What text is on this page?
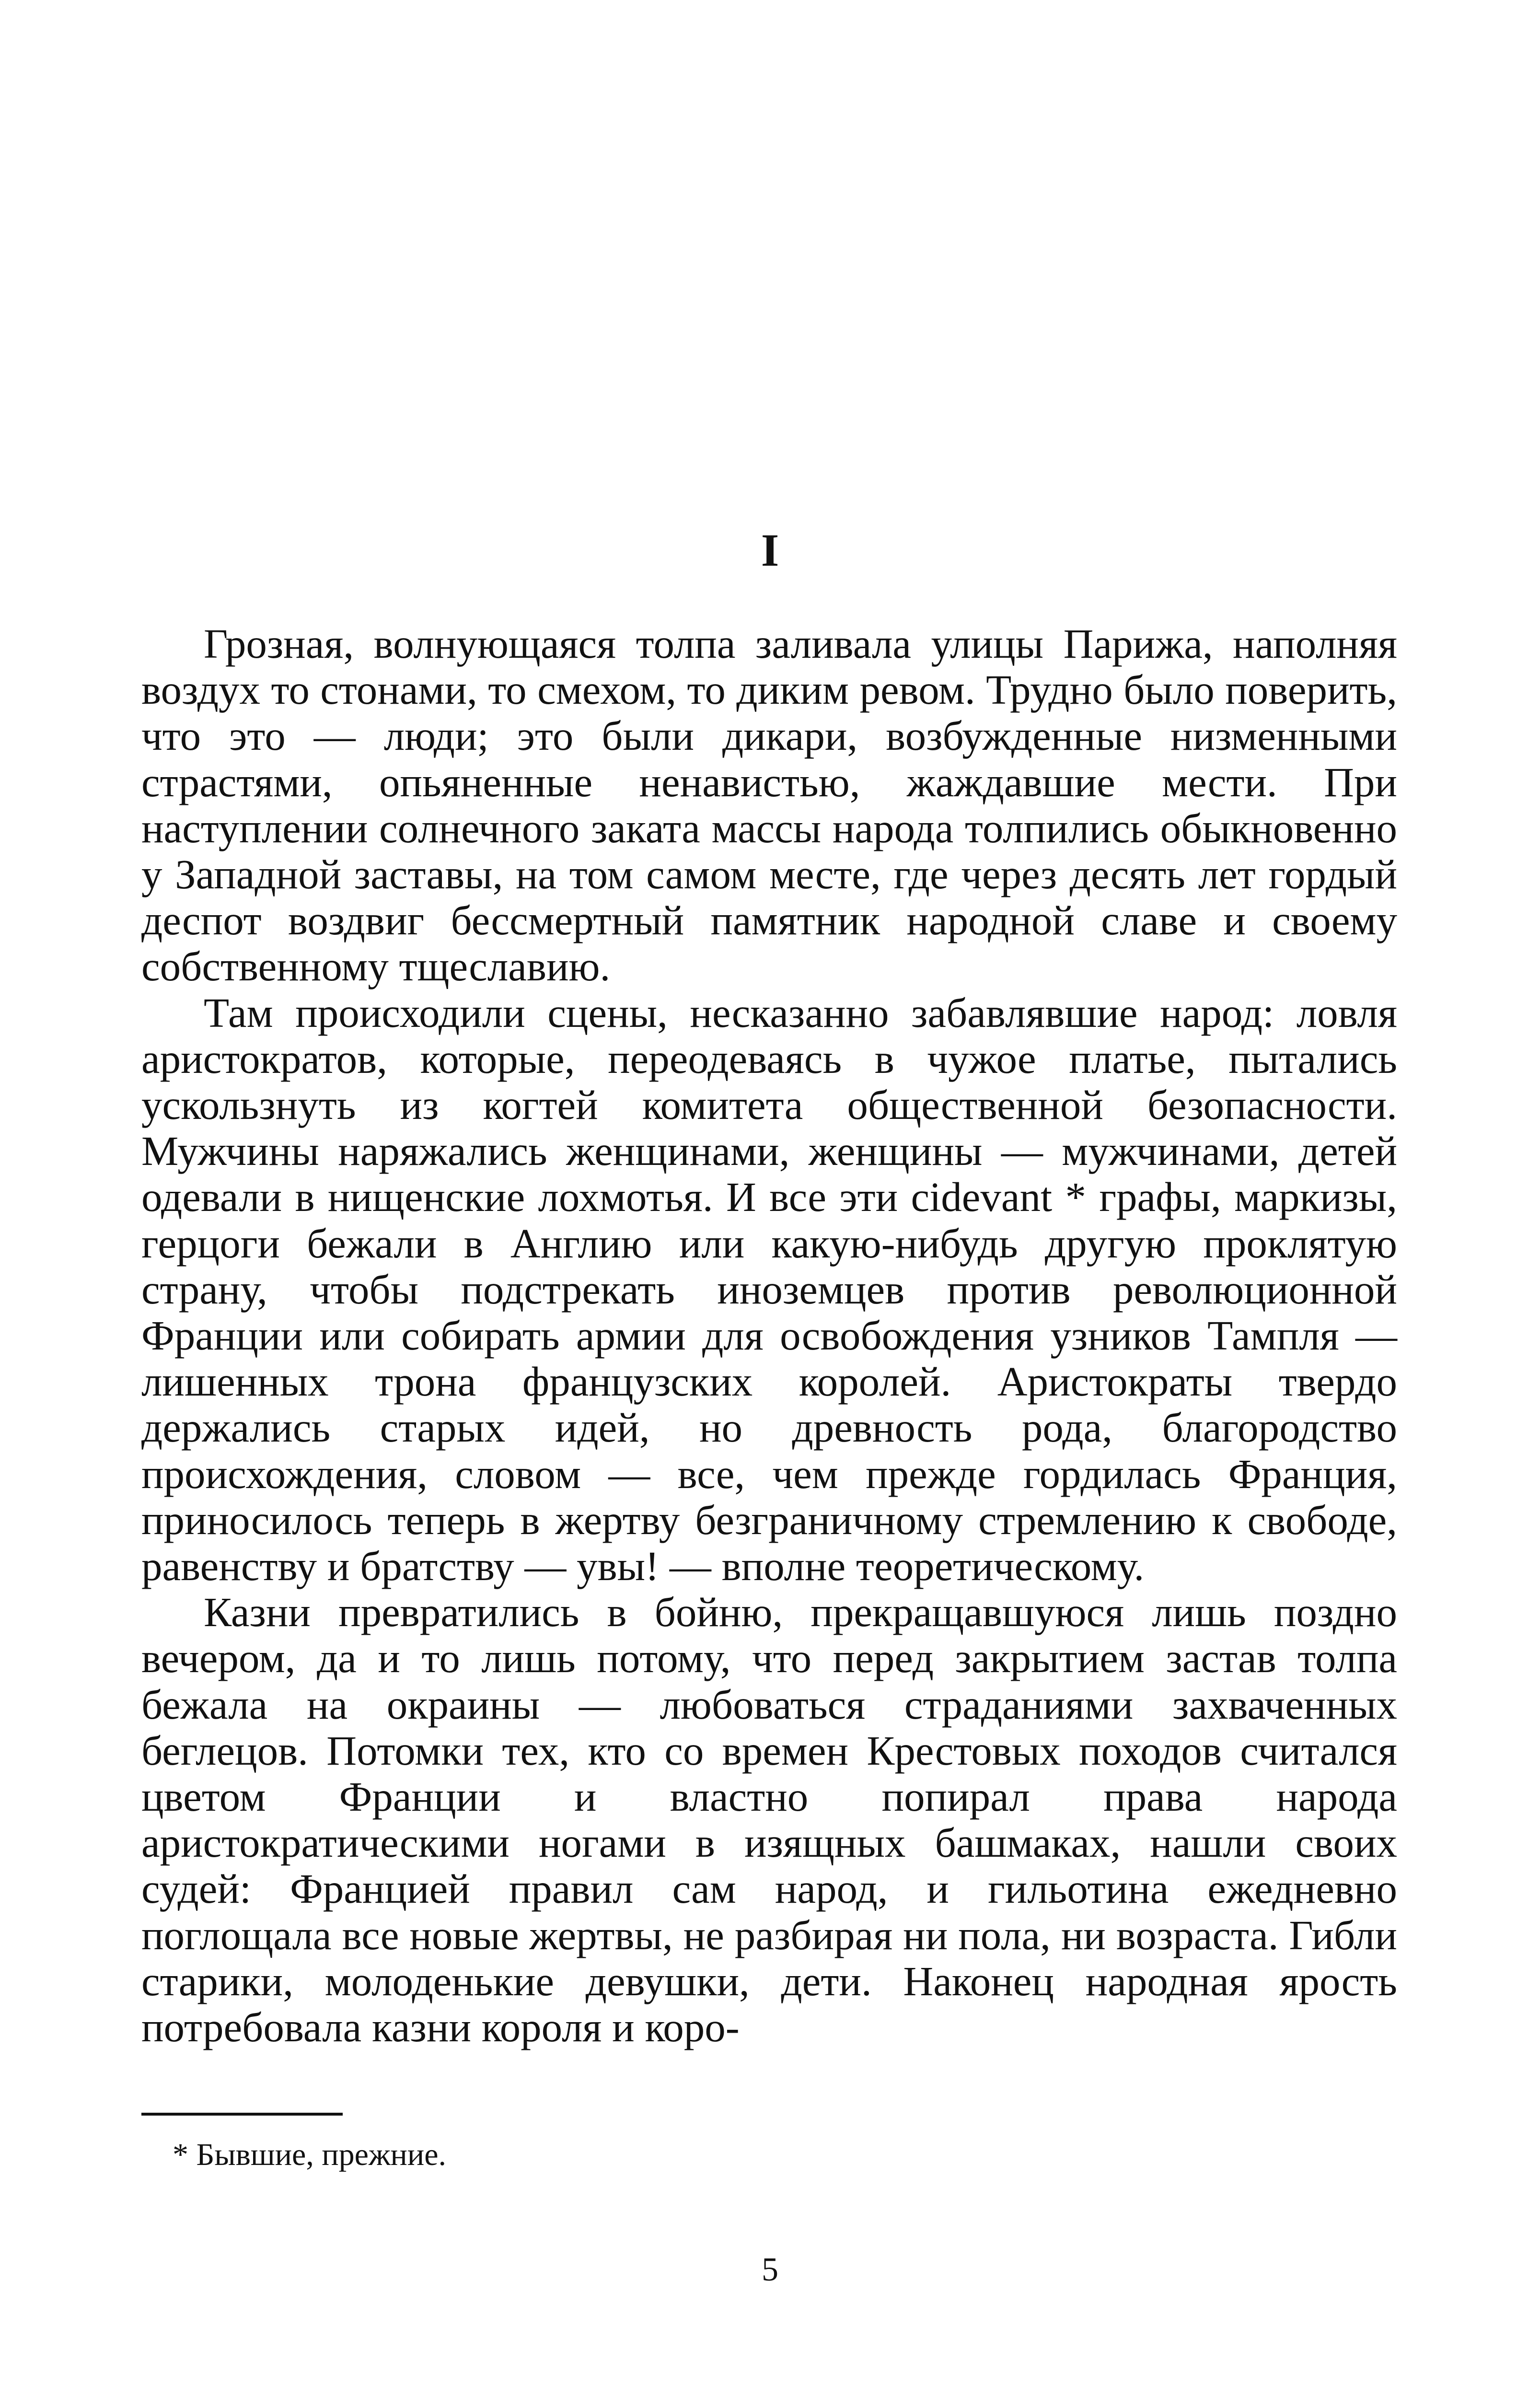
I

Грозная, волнующаяся толпа заливала улицы Парижа, наполняя воздух то стонами, то смехом, то диким ревом. Трудно было поверить, что это — люди; это были дикари, возбужденные низменными страстями, опьяненные ненавистью, жаждавшие мести. При наступлении солнечного заката массы народа толпились обыкновенно у Западной заставы, на том самом месте, где через десять лет гордый деспот воздвиг бессмертный памятник народной славе и своему собственному тщеславию.

Там происходили сцены, несказанно забавлявшие народ: ловля аристократов, которые, переодеваясь в чужое платье, пытались ускользнуть из когтей комитета общественной безопасности. Мужчины наряжались женщинами, женщины — мужчинами, детей одевали в нищенские лохмотья. И все эти cidevant * графы, маркизы, герцоги бежали в Англию или какую-нибудь другую проклятую страну, чтобы подстрекать иноземцев против революционной Франции или собирать армии для освобождения узников Тампля — лишенных трона французских королей. Аристократы твердо держались старых идей, но древность рода, благородство происхождения, словом — все, чем прежде гордилась Франция, приносилось теперь в жертву безграничному стремлению к свободе, равенству и братству — увы! — вполне теоретическому.

Казни превратились в бойню, прекращавшуюся лишь поздно вечером, да и то лишь потому, что перед закрытием застав толпа бежала на окраины — любоваться страданиями захваченных беглецов. Потомки тех, кто со времен Крестовых походов считался цветом Франции и властно попирал права народа аристократическими ногами в изящных башмаках, нашли своих судей: Францией правил сам народ, и гильотина ежедневно поглощала все новые жертвы, не разбирая ни пола, ни возраста. Гибли старики, молоденькие девушки, дети. Наконец народная ярость потребовала казни короля и коро-

* Бывшие, прежние.

5
